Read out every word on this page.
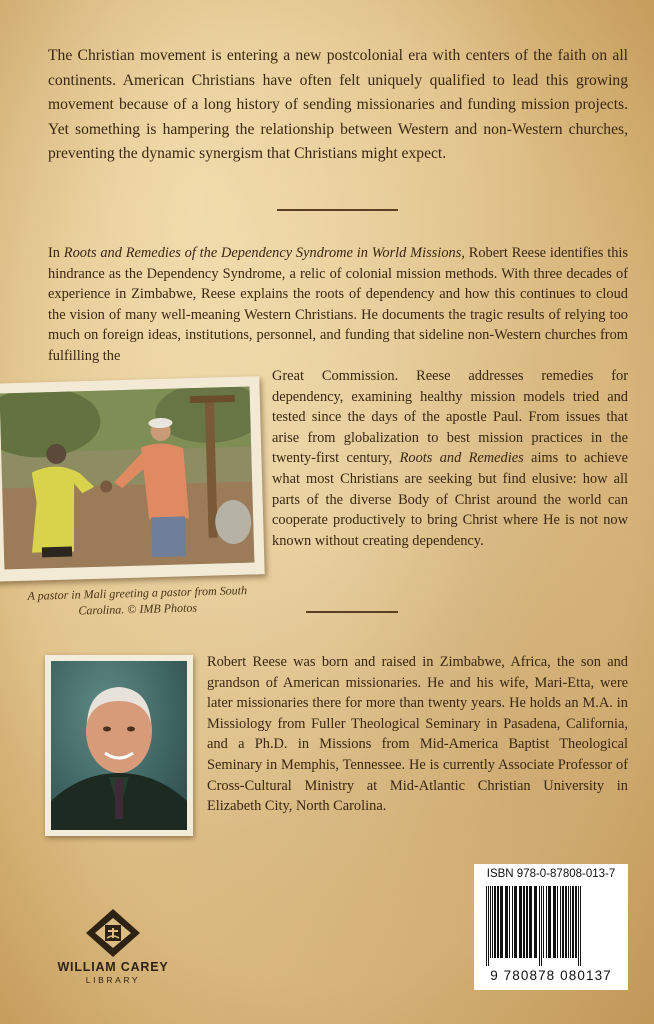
The Christian movement is entering a new postcolonial era with centers of the faith on all continents. American Christians have often felt uniquely qualified to lead this growing movement because of a long history of sending missionaries and funding mission projects. Yet something is hampering the relationship between Western and non-Western churches, preventing the dynamic synergism that Christians might expect.

In Roots and Remedies of the Dependency Syndrome in World Missions, Robert Reese identifies this hindrance as the Dependency Syndrome, a relic of colonial mission methods. With three decades of experience in Zimbabwe, Reese explains the roots of dependency and how this continues to cloud the vision of many well-meaning Western Christians. He documents the tragic results of relying too much on foreign ideas, institutions, personnel, and funding that sideline non-Western churches from fulfilling the

Great Commission. Reese addresses remedies for dependency, examining healthy mission models tried and tested since the days of the apostle Paul. From issues that arise from globalization to best mission practices in the twenty-first century, Roots and Remedies aims to achieve what most Christians are seeking but find elusive: how all parts of the diverse Body of Christ around the world can cooperate productively to bring Christ where He is not now known without creating dependency.

A pastor in Mali greeting a pastor from South Carolina. © IMB Photos

Robert Reese was born and raised in Zimbabwe, Africa, the son and grandson of American missionaries. He and his wife, Mari-Etta, were later missionaries there for more than twenty years. He holds an M.A. in Missiology from Fuller Theological Seminary in Pasadena, California, and a Ph.D. in Missions from Mid-America Baptist Theological Seminary in Memphis, Tennessee. He is currently Associate Professor of Cross-Cultural Ministry at Mid-Atlantic Christian University in Elizabeth City, North Carolina.

WILLIAM CAREY
LIBRARY
ISBN 978-0-87808-013-7
9 780878 080137
